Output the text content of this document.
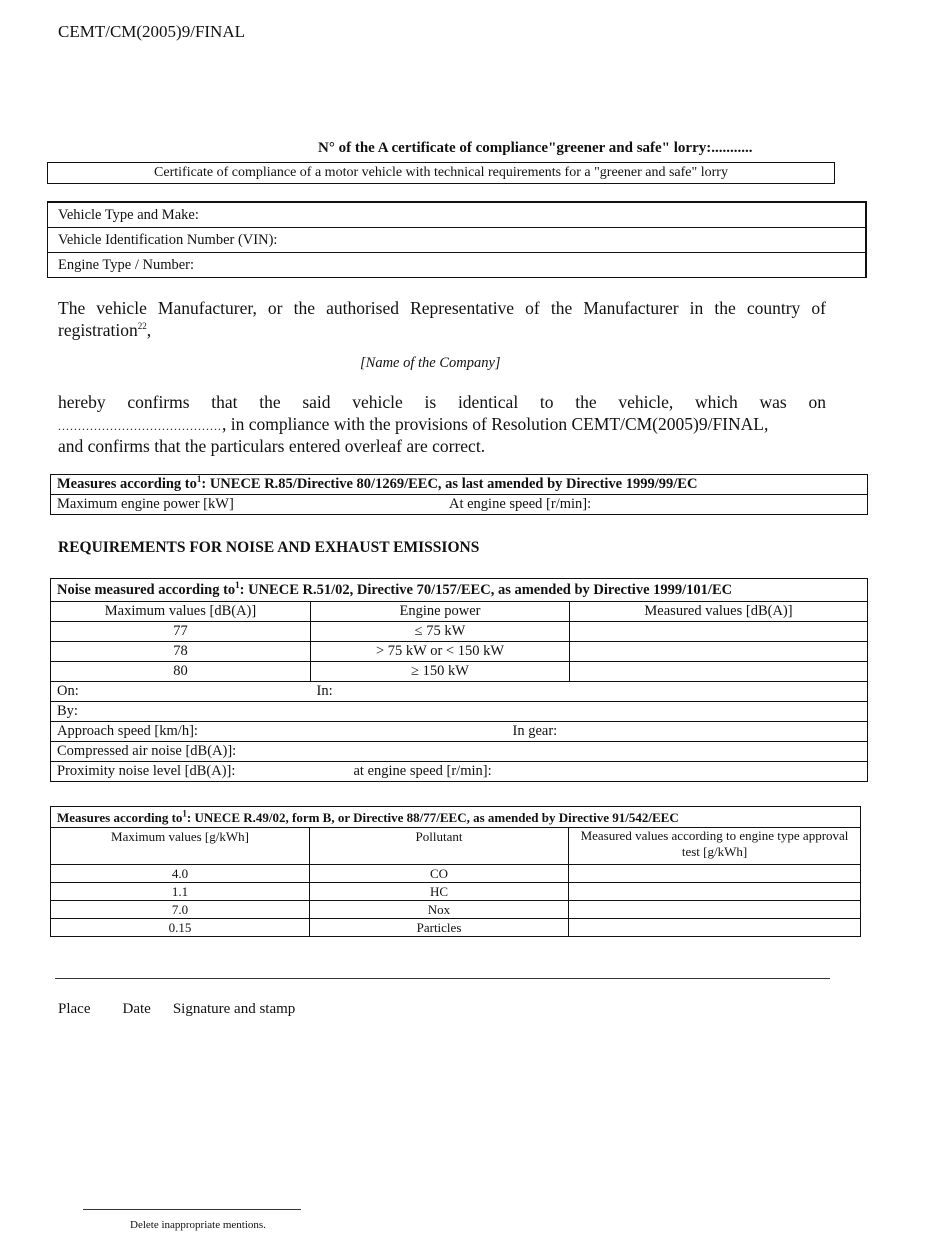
CEMT/CM(2005)9/FINAL
N° of the A certificate of compliance"greener and safe" lorry:...........
Certificate of compliance of a motor vehicle with technical requirements for a "greener and safe" lorry
Vehicle Type and Make:
Vehicle Identification Number (VIN):
Engine Type / Number:
The vehicle Manufacturer, or the authorised Representative of the Manufacturer in the country of registration$^{22}$,
[Name of the Company]
hereby confirms that the said vehicle is identical to the vehicle, which was on
........................................., in compliance with the provisions of Resolution CEMT/CM(2005)9/FINAL,
and confirms that the particulars entered overleaf are correct.
Measures according $to^1$: UNECE R.85/Directive 80/1269/EEC, as last amended by Directive 1999/99/EC
Maximum engine power [kW]	At engine speed [r/min]:
REQUIREMENTS FOR NOISE AND EXHAUST EMISSIONS
Noise measured according $to^1$: UNECE R.51/02, Directive 70/157/EEC, as amended by Directive 1999/101/EC		
Maximum values [dB(A)]	Engine power	Measured values [dB(A)]
77	≤ 75 kW	
78	> 75 kW or < 150 kW	
80	≥ 150 kW	
On:	In:	
By:		
Approach speed [km/h]: In gear:		

Compressed air noise [dB(A)]:		
Proximity noise level [dB(A)]: at engine speed [r/min]:		
Measures according $to^1$: UNECE R.49/02, form B, or Directive 88/77/EEC, as amended by Directive 91/542/EEC		
Maximum values [g/kWh]	Pollutant	Measured values according to engine type approval test [g/kWh]
4.0	CO	
1.1	HC	
7.0	Nox	
0.15	Particles	
Place Date Signature and stamp
Delete inappropriate mentions.
